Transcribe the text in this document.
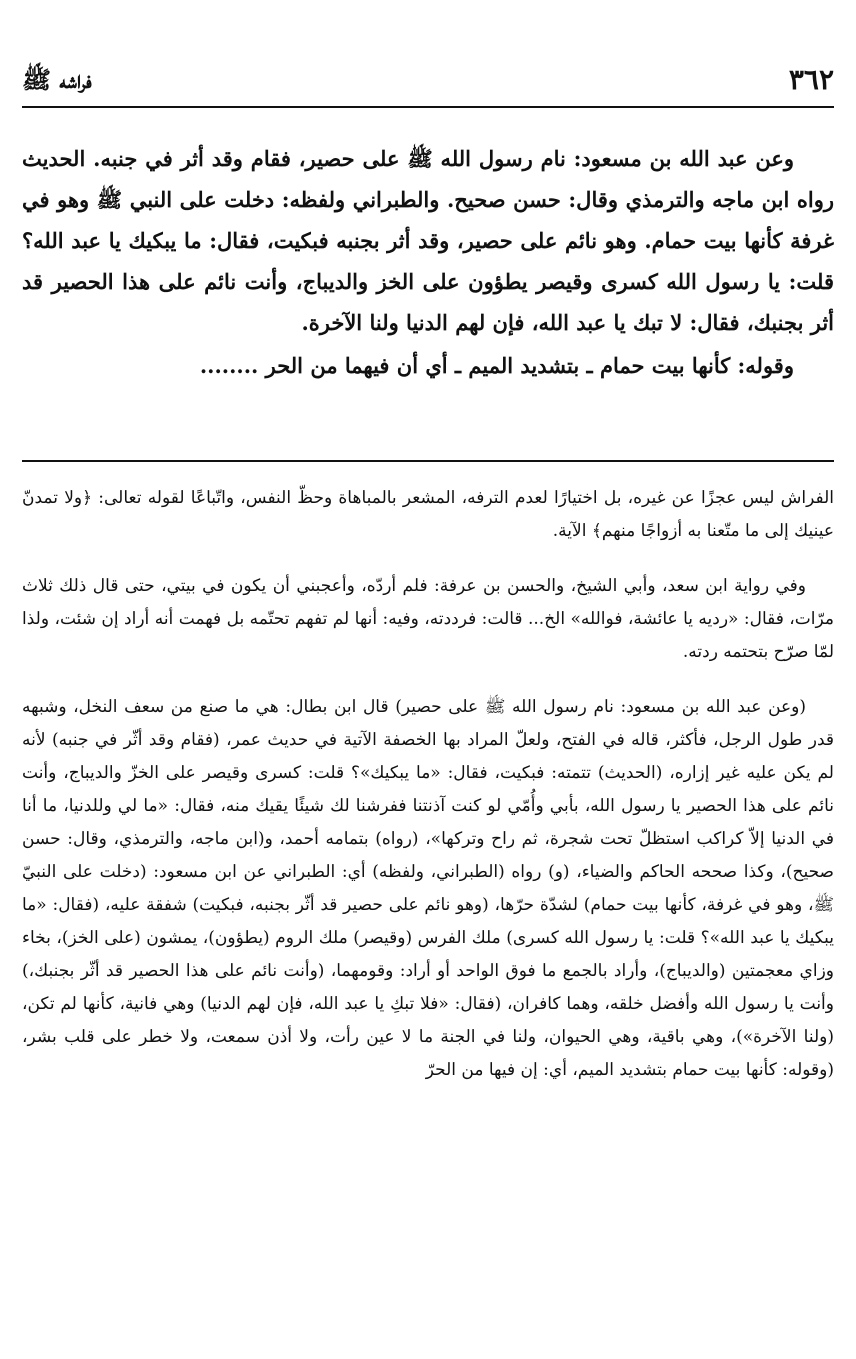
٣٦٢
فراشه ﷺ

وعن عبد الله بن مسعود: نام رسول الله ﷺ على حصير، فقام وقد أثر في جنبه. الحديث رواه ابن ماجه والترمذي وقال: حسن صحيح. والطبراني ولفظه: دخلت على النبي ﷺ وهو في غرفة كأنها بيت حمام. وهو نائم على حصير، وقد أثر بجنبه فبكيت، فقال: ما يبكيك يا عبد الله؟ قلت: يا رسول الله كسرى وقيصر يطؤون على الخز والديباج، وأنت نائم على هذا الحصير قد أثر بجنبك، فقال: لا تبك يا عبد الله، فإن لهم الدنيا ولنا الآخرة.

وقوله: كأنها بيت حمام ـ بتشديد الميم ـ أي أن فيهما من الحر ........

الفراش ليس عجزًا عن غيره، بل اختيارًا لعدم الترفه، المشعر بالمباهاة وحظّ النفس، واتّباعًا لقوله تعالى: ﴿ولا تمدنّ عينيك إلى ما متّعنا به أزواجًا منهم﴾ الآية.

وفي رواية ابن سعد، وأبي الشيخ، والحسن بن عرفة: فلم أردّه، وأعجبني أن يكون في بيتي، حتى قال ذلك ثلاث مرّات، فقال: «رديه يا عائشة، فوالله» الخ... قالت: فرددته، وفيه: أنها لم تفهم تحتّمه بل فهمت أنه أراد إن شئت، ولذا لمّا صرّح بتحتمه ردته.

(وعن عبد الله بن مسعود: نام رسول الله ﷺ على حصير) قال ابن بطال: هي ما صنع من سعف النخل، وشبهه قدر طول الرجل، فأكثر، قاله في الفتح، ولعلّ المراد بها الخصفة الآتية في حديث عمر، (فقام وقد أثّر في جنبه) لأنه لم يكن عليه غير إزاره، (الحديث) تتمته: فبكيت، فقال: «ما يبكيك»؟ قلت: كسرى وقيصر على الخزّ والديباج، وأنت نائم على هذا الحصير يا رسول الله، بأبي وأُمّي لو كنت آذنتنا ففرشنا لك شيئًا يقيك منه، فقال: «ما لي وللدنيا، ما أنا في الدنيا إلاّ كراكب استظلّ تحت شجرة، ثم راح وتركها»، (رواه) بتمامه أحمد، و(ابن ماجه، والترمذي، وقال: حسن صحيح)، وكذا صححه الحاكم والضياء، (و) رواه (الطبراني، ولفظه) أي: الطبراني عن ابن مسعود: (دخلت على النبيّ ﷺ، وهو في غرفة، كأنها بيت حمام) لشدّة حرّها، (وهو نائم على حصير قد أثّر بجنبه، فبكيت) شفقة عليه، (فقال: «ما يبكيك يا عبد الله»؟ قلت: يا رسول الله كسرى) ملك الفرس (وقيصر) ملك الروم (يطؤون)، يمشون (على الخز)، بخاء وزاي معجمتين (والديباج)، وأراد بالجمع ما فوق الواحد أو أراد: وقومهما، (وأنت نائم على هذا الحصير قد أثّر بجنبك،) وأنت يا رسول الله وأفضل خلقه، وهما كافران، (فقال: «فلا تبكِ يا عبد الله، فإن لهم الدنيا) وهي فانية، كأنها لم تكن، (ولنا الآخرة»)، وهي باقية، وهي الحيوان، ولنا في الجنة ما لا عين رأت، ولا أذن سمعت، ولا خطر على قلب بشر، (وقوله: كأنها بيت حمام بتشديد الميم، أي: إن فيها من الحرّ
